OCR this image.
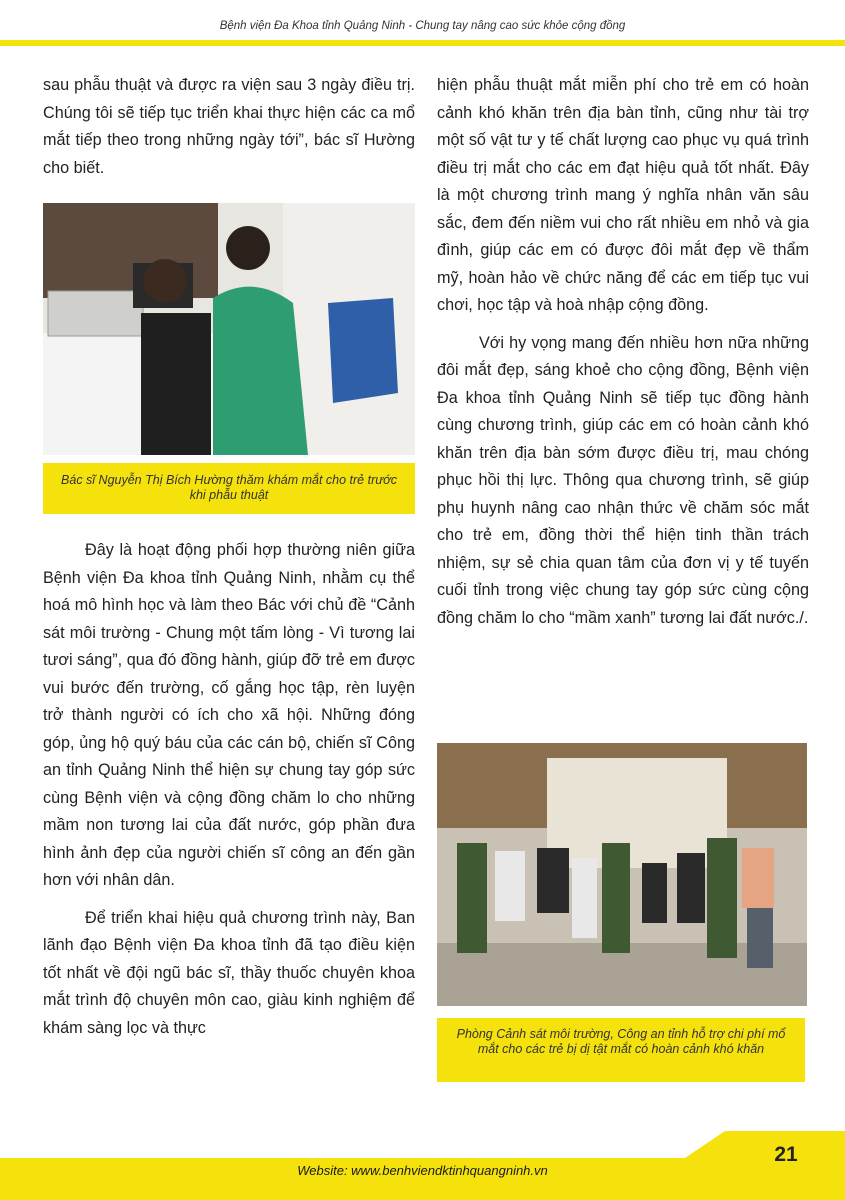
Bệnh viện Đa Khoa tỉnh Quảng Ninh - Chung tay nâng cao sức khỏe cộng đồng

sau phẫu thuật và được ra viện sau 3 ngày điều trị. Chúng tôi sẽ tiếp tục triển khai thực hiện các ca mổ mắt tiếp theo trong những ngày tới”, bác sĩ Hường cho biết.

Bác sĩ Nguyễn Thị Bích Hường thăm khám mắt cho trẻ trước khi phẫu thuật

Đây là hoạt động phối hợp thường niên giữa Bệnh viện Đa khoa tỉnh Quảng Ninh, nhằm cụ thể hoá mô hình học và làm theo Bác với chủ đề “Cảnh sát môi trường - Chung một tấm lòng - Vì tương lai tươi sáng”, qua đó đồng hành, giúp đỡ trẻ em được vui bước đến trường, cố gắng học tập, rèn luyện trở thành người có ích cho xã hội. Những đóng góp, ủng hộ quý báu của các cán bộ, chiến sĩ Công an tỉnh Quảng Ninh thể hiện sự chung tay góp sức cùng Bệnh viện và cộng đồng chăm lo cho những mầm non tương lai của đất nước, góp phần đưa hình ảnh đẹp của người chiến sĩ công an đến gần hơn với nhân dân.

Để triển khai hiệu quả chương trình này, Ban lãnh đạo Bệnh viện Đa khoa tỉnh đã tạo điều kiện tốt nhất về đội ngũ bác sĩ, thầy thuốc chuyên khoa mắt trình độ chuyên môn cao, giàu kinh nghiệm để khám sàng lọc và thực

hiện phẫu thuật mắt miễn phí cho trẻ em có hoàn cảnh khó khăn trên địa bàn tỉnh, cũng như tài trợ một số vật tư y tế chất lượng cao phục vụ quá trình điều trị mắt cho các em đạt hiệu quả tốt nhất. Đây là một chương trình mang ý nghĩa nhân văn sâu sắc, đem đến niềm vui cho rất nhiều em nhỏ và gia đình, giúp các em có được đôi mắt đẹp về thẩm mỹ, hoàn hảo về chức năng để các em tiếp tục vui chơi, học tập và hoà nhập cộng đồng.

Với hy vọng mang đến nhiều hơn nữa những đôi mắt đẹp, sáng khoẻ cho cộng đồng, Bệnh viện Đa khoa tỉnh Quảng Ninh sẽ tiếp tục đồng hành cùng chương trình, giúp các em có hoàn cảnh khó khăn trên địa bàn sớm được điều trị, mau chóng phục hồi thị lực. Thông qua chương trình, sẽ giúp phụ huynh nâng cao nhận thức về chăm sóc mắt cho trẻ em, đồng thời thể hiện tinh thần trách nhiệm, sự sẻ chia quan tâm của đơn vị y tế tuyến cuối tỉnh trong việc chung tay góp sức cùng cộng đồng chăm lo cho “mầm xanh” tương lai đất nước./.

Phòng Cảnh sát môi trường, Công an tỉnh hỗ trợ chi phí mổ mắt cho các trẻ bị dị tật mắt có hoàn cảnh khó khăn
Website: www.benhviendktinhquangninh.vn
21
